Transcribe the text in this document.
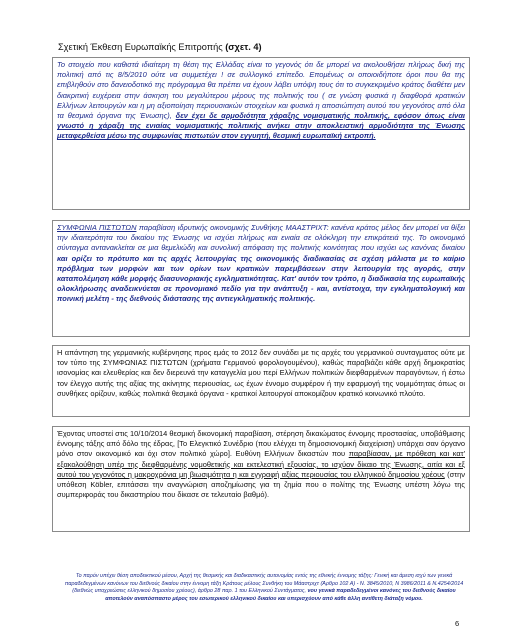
Σχετική Έκθεση Ευρωπαϊκής Επιτροπής (σχετ. 4)

Το στοιχείο που καθιστά ιδιαίτερη τη θέση της Ελλάδας είναι το γεγονός ότι δε μπορεί να ακολουθήσει πλήρως δική της πολιτική από τις 8/5/2010 ούτε να συμμετέχει ! σε συλλογικό επίπεδο. Επομένως οι οποιοιδήποτε όροι που θα της επιβληθούν στο δανειοδοτικό της πρόγραμμα θα πρέπει να έχουν λάβει υπόψη τους ότι το συγκεκριμένο κράτος διαθέτει μεν διακριτική ευχέρεια στην άσκηση του μεγαλύτερου μέρους της πολιτικής του ( σε γνώση φυσικά η διαφθορά κρατικών Ελλήνων λειτουργών και η μη αξιοποίηση περιουσιακών στοιχείων και φυσικά η αποσιώπηση αυτού του γεγονότος από όλα τα θεσμικά όργανα της Ένωσης), δεν έχει δε αρμοδιότητα χάραξης νομισματικής πολιτικής, εφόσον όπως είναι γνωστό η χάραξη της ενιαίας νομισματικής πολιτικής ανήκει στην αποκλειστική αρμοδιότητα της Ένωσης μεταφερθείσα μέσω της συμφωνίας πιστωτών στον εγγυητή, θεσμική ευρωπαϊκή εκτροπή.

ΣΥΜΦΩΝΙΑ ΠΙΣΤΩΤΩΝ παραβίαση ιδρυτικής οικονομικής Συνθήκης ΜΑΑΣΤΡΙΧΤ: κανένα κράτος μέλος δεν μπορεί να θίξει την ιδιαιτερότητα του δικαίου της Ένωσης να ισχύει πλήρως και ενιαία σε ολόκληρη την επικράτειά της. Το οικονομικό σύνταγμα αντανακλείται σε μια θεμελιώδη και συνολική απόφαση της πολιτικής κοινότητας που ισχύει ως κανόνας δικαίου και ορίζει το πρότυπο και τις αρχές λειτουργίας της οικονομικής διαδικασίας σε σχέση μάλιστα με το καίριο πρόβλημα των μορφών και των ορίων των κρατικών παρεμβάσεων στην λειτουργία της αγοράς, στην καταπολέμηση κάθε μορφής διασυνοριακής εγκληματικότητας. Κατ' αυτόν τον τρόπο, η διαδικασία της ευρωπαϊκής ολοκλήρωσης αναδεικνύεται σε προνομιακό πεδίο για την ανάπτυξη - και, αντίστοιχα, την εγκληματολογική και ποινική μελέτη - της διεθνούς διάστασης της αντιεγκληματικής πολιτικής.

Η απάντηση της γερμανικής κυβέρνησης προς εμάς το 2012 δεν συνάδει με τις αρχές του γερμανικού συνταγματος ούτε με τον τύπο της ΣΥΜΦΩΝΙΑΣ ΠΙΣΤΩΤΩΝ (χρήματα Γερμανού φορολογουμένου), καθώς παραβιάζει κάθε αρχή δημοκρατίας ισονομίας και ελευθερίας και δεν διερευνά την καταγγελία μου περί Ελλήνων πολιτικών διεφθαρμένων παραγόντων, ή έστω τον έλεγχο αυτής της αξίας της ακίνητης περιουσίας, ως έχων έννομο συμφέρον ή την εφαρμογή της νομιμότητας όπως οι συνθήκες ορίζουν, καθώς πολιτικά θεσμικά όργανα - κρατικοί λειτουργοί αποκομίζουν κρατικό κοινωνικό πλούτο.

Έχοντας υποστεί στις 10/10/2014 θεσμική δικονομική παραβίαση, στέρηση δικαιώματος έννομης προστασίας, υποβάθμισης έννομης τάξης από δόλο της έδρας, [Το Ελεγκτικό Συνέδριο (που ελέγχει τη δημοσιονομική διαχείριση) υπάρχει σαν όργανο μόνο στον οικονομικό και όχι στον πολιτικό χώρο]. Ευθύνη Ελλήνων δικαστών που παραβίασαν, με πρόθεση και κατ' εξακολούθηση υπέρ της διεφθαρμένης νομοθετικής και εκτελεστική εξουσίας, το ισχύον δίκαιο της Ένωσης, αιτία και εξ αυτού του γεγονότος η μακροχρόνια μη βιωσιμότητα η και εγγραφή αξίας περιουσίας του ελληνικού δημοσίου χρέους (στην υπόθεση Köbler, επιτάσσει την αναγνώριση αποζημίωσης για τη ζημία που ο πολίτης της Ένωσης υπέστη λόγω της συμπεριφοράς του δικαστηρίου που δίκασε σε τελευταίο βαθμό).

Το παρόν υπέχει θέση αποδεικτικού μέσου, Αρχή της θεσμικής και διαδικαστικής αυτονομίας εντός της εθνικής έννομης τάξης: Γενική και άμεση ισχύ των γενικά παραδεδεγμένων κανόνων του διεθνούς δικαίου στην έννομη τάξη Κράτους μέλους Συνθήκη του Μάαστριχτ (Άρθρο 102 Α) - Ν. 3845/2010, Ν 3986/2011 & Ν.4254/2014 (διεθνώς υποχρεώσεις ελληνικού δημοσίου χρέους), άρθρο 28 παρ. 1 του Ελληνικού Συντάγματος, νου γενικά παραδεδεγμένοι κανόνες του διεθνούς δικαίου αποτελούν αναπόσπαστο μέρος του εσωτερικού ελληνικού δικαίου και υπερισχύουν από κάθε άλλη αντίθετη διάταξη νόμου.
6
